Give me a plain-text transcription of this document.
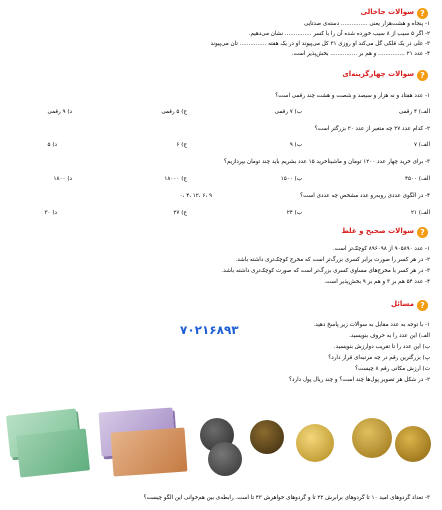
?
سوالات جاخالی
۱- پنجاه و هشت‌هزار یعنی ............... دسته‌ی صدتایی
۲- اگر ۵ سیب از ۸ سیب خورده شده آن را با کسر ............... نشان می‌دهیم.
۳- علی در یک قلکی گل می‌کند او روزی ۳۱ کل می‌پیوند او در یک هفته ............... تان می‌پیوند
۴- عدد ۲۱ ............... و هم بر ............... بخش‌پذیر است.
?
سوالات چهارگزینه‌ای
۱- عدد هفتاد و نه هزار و سیصد و شصت و هشت چند رقمی است؟
الف) ۴ رقمی
ب) ۷ رقمی
ج) ۵ رقمی
د) ۹ رقمی
۲- کدام عدد ۲۷ چه متغیر از عدد ۲۰ بزرگتر است؟
الف) ۷
ب) ۹
ج) ۶
د) ۵
۳- برای خرید چهار عدد ۱۲۰۰ تومان و ماشیناخرید ۱۵ عدد بشریم باید چند تومان بپردازیم؟
الف) ۴۵۰۰
ب) ۱۵۰۰
ج) ۱۸۰۰۰
د) ۱۸۰۰
۴- در الگوی عددی روبه‌رو عدد مشخص چه عددی است؟
۰، ۴، ۱۲، ۶، ۹
الف) ۲۱
ب) ۲۴
ج) ۲۷
د) ۳۰
?
سوالات صحیح و غلط
۱- عدد ۹۰۵۸۹۰ از ۸۹۶۰۹۸ کوچک‌تر است.
۲- در هر کسر را صورت برابر کسری بزرگ‌تر است که مخرج کوچک‌تری داشته باشد.
۳- در هر کسر با مخرج‌های مساوی کسری بزرگ‌تر است که صورت کوچک‌تری داشته باشد.
۴- عدد ۵۴ هم بر ۳ و هم بر ۹ بخش‌پذیر است.
?
مسائل
۷۰۲۱۶۸۹۳	۱- با توجه به عدد مقابل به سوالات زیر پاسخ دهید.
الف) این عدد را به حروف بنویسید.
ب) این عدد را تا تقریب دو‌ارزش بنویسید.
پ) بزرگترین رقم در چه مرتبه‌ای قرار دارد؟
ت) ارزش مکانی رقم ۸ چیست؟
۲- در شکل هر تصویر پول‌ها چند است؟ و چند ریال پول دارد؟
۳- تعداد گردوهای امید ۱۰ تا گردوهای برابرش ۲۲ تا و گردوهای خواهرش ۴۳ تا است. رابطه‌ی بین هم‌خوانی این الگو چیست؟
